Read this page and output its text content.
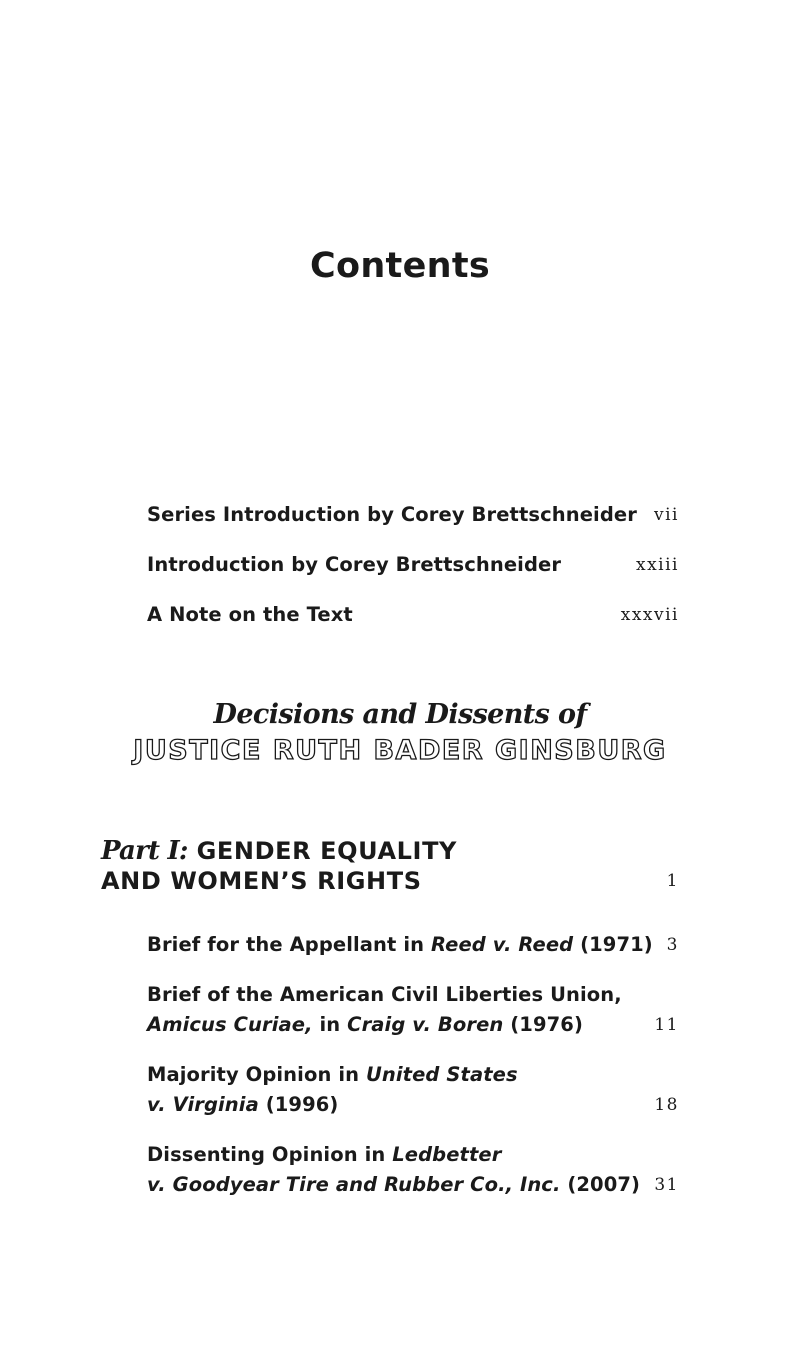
Contents
Series Introduction by Corey Brettschneider vii
Introduction by Corey Brettschneider	xxiii
A Note on the Text	xxxvii
Decisions and Dissents of
JUSTICE RUTH BADER GINSBURG
Part I: GENDER EQUALITY
AND WOMEN’S RIGHTS	1
Brief for the Appellant in Reed v. Reed (1971) 3
Brief of the American Civil Liberties Union,
Amicus Curiae, in Craig v. Boren (1976)	11
Majority Opinion in United States
v. Virginia (1996)	18
Dissenting Opinion in Ledbetter
v. Goodyear Tire and Rubber Co., Inc. (2007) 31
